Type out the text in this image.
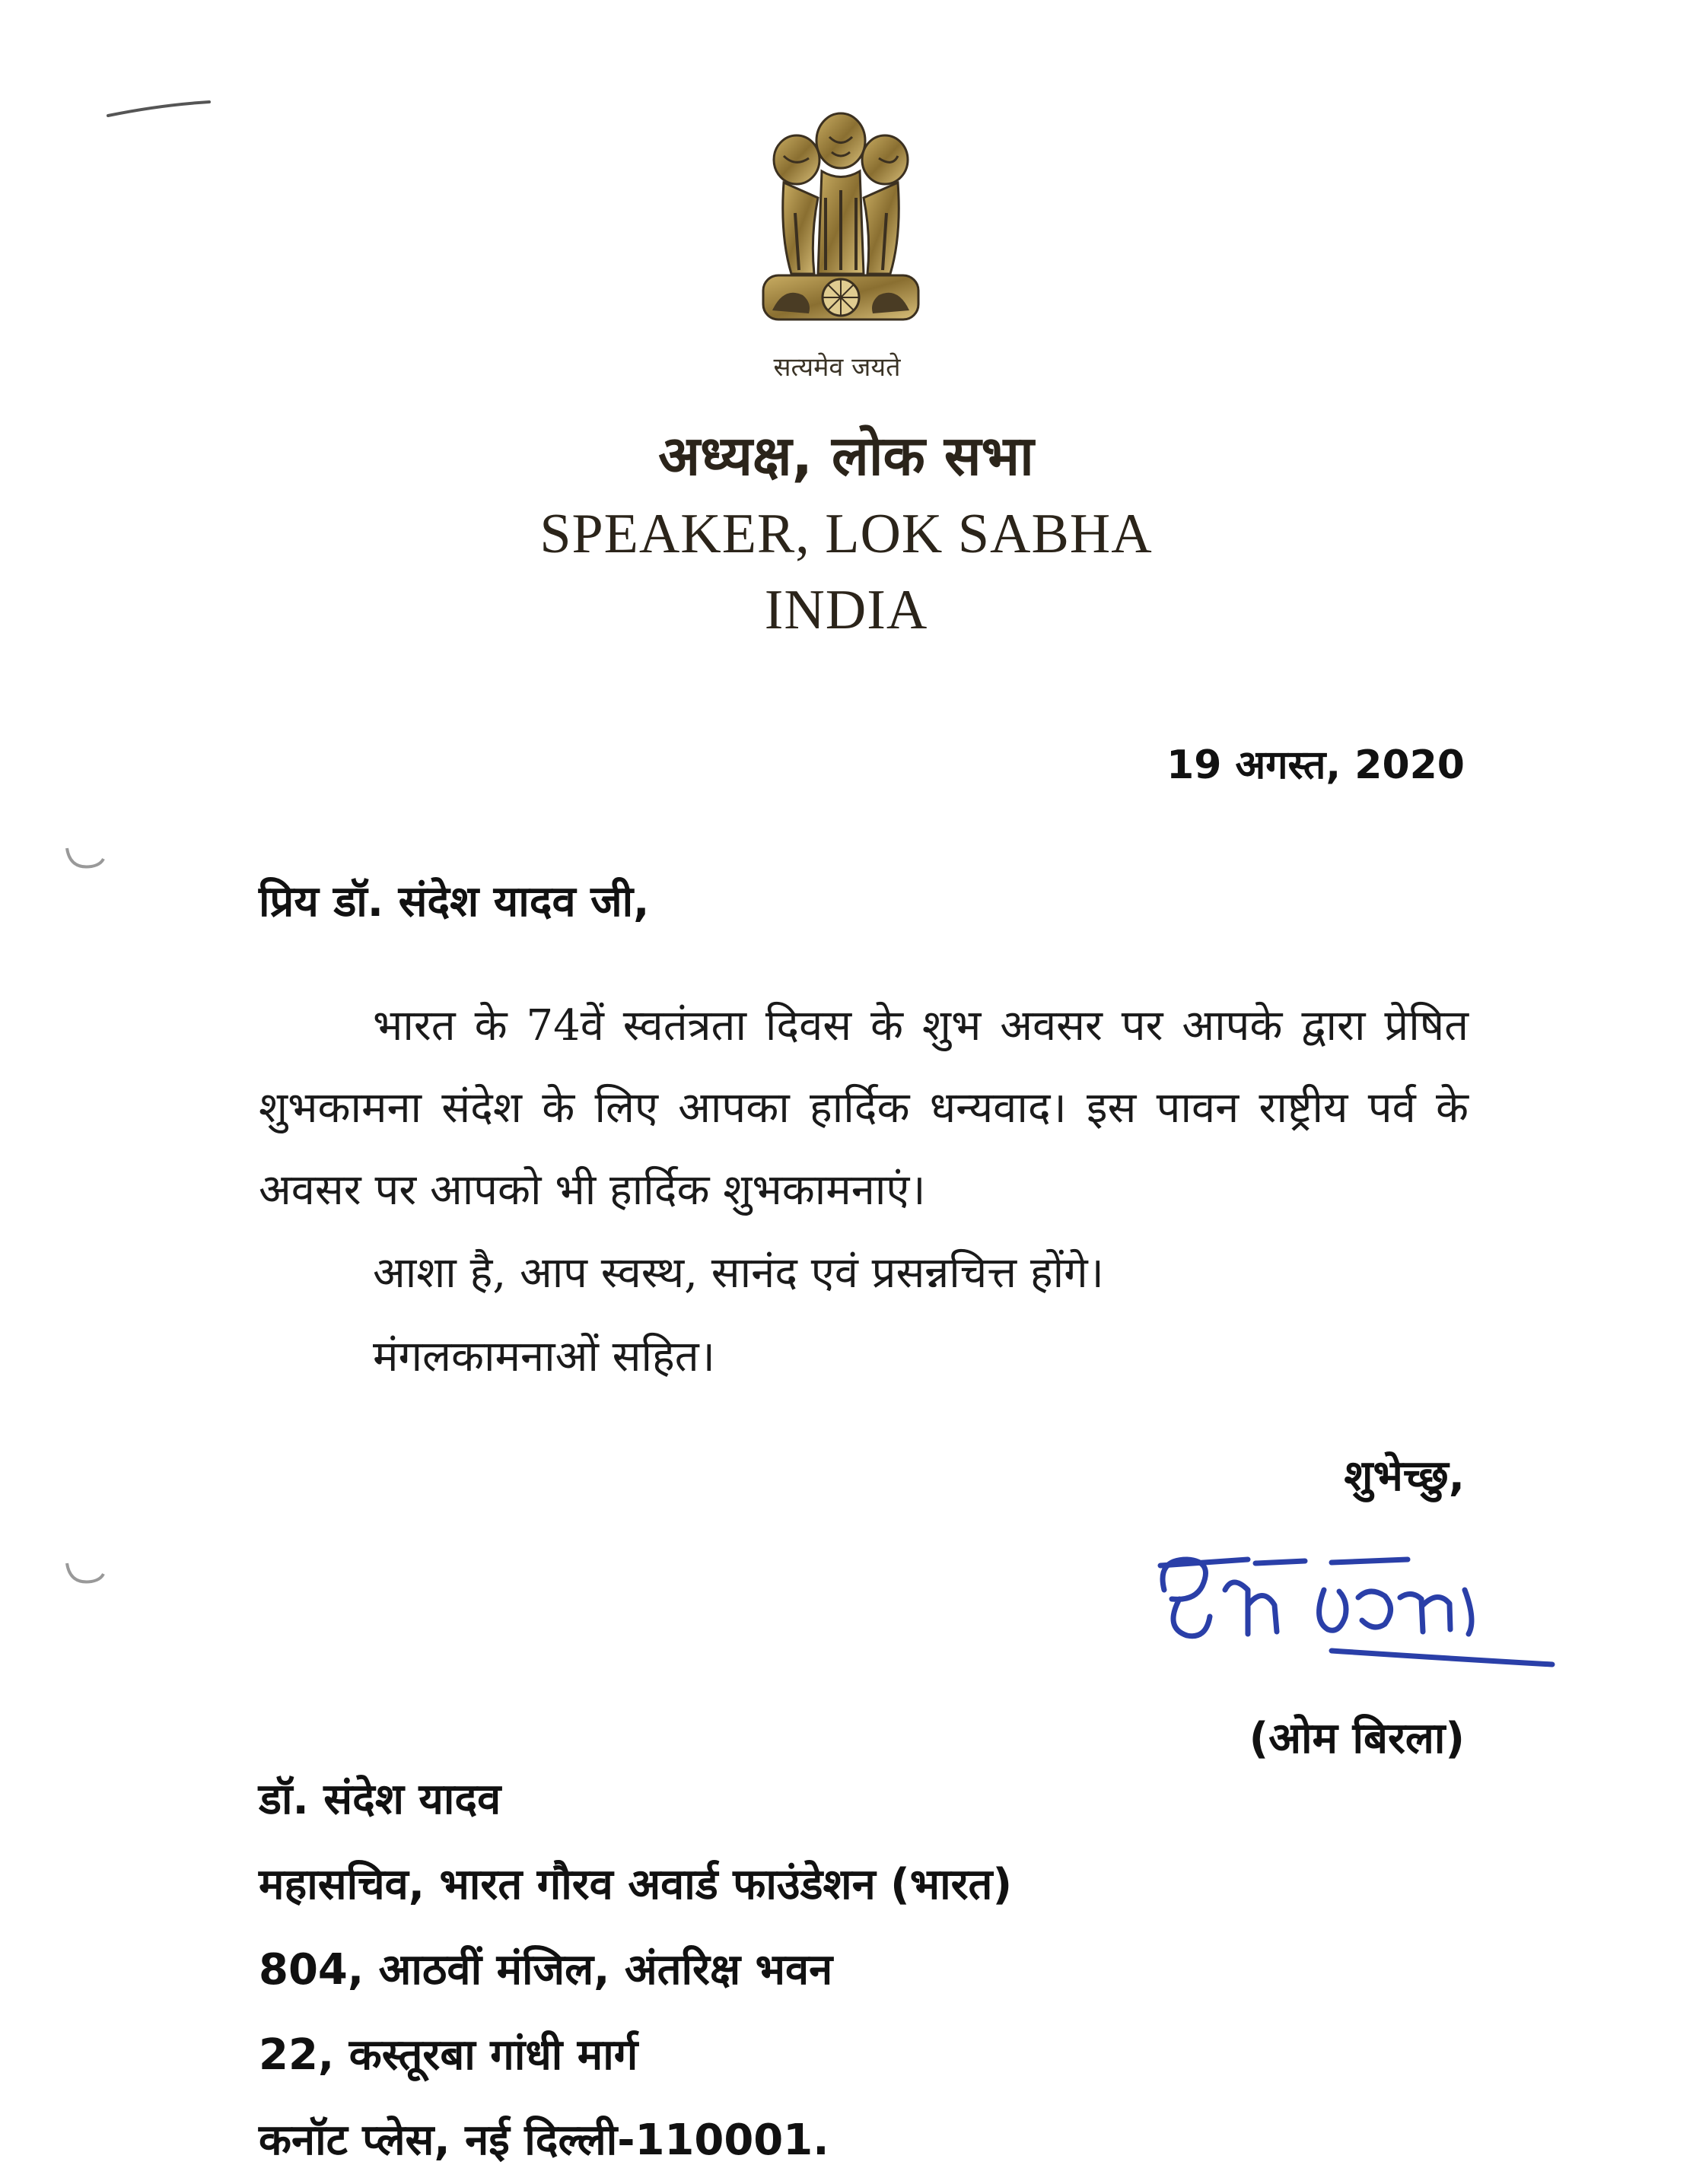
सत्यमेव जयते
अध्यक्ष, लोक सभा
SPEAKER, LOK SABHA
INDIA
19 अगस्त, 2020
प्रिय डॉ. संदेश यादव जी,
भारत के 74वें स्वतंत्रता दिवस के शुभ अवसर पर आपके द्वारा प्रेषित शुभकामना संदेश के लिए आपका हार्दिक धन्यवाद। इस पावन राष्ट्रीय पर्व के अवसर पर आपको भी हार्दिक शुभकामनाएं।
आशा है, आप स्वस्थ, सानंद एवं प्रसन्नचित्त होंगे।
मंगलकामनाओं सहित।
शुभेच्छु,
(ओम बिरला)
डॉ. संदेश यादव
महासचिव, भारत गौरव अवार्ड फाउंडेशन (भारत)
804, आठवीं मंजिल, अंतरिक्ष भवन
22, कस्तूरबा गांधी मार्ग
कनॉट प्लेस, नई दिल्ली-110001.
